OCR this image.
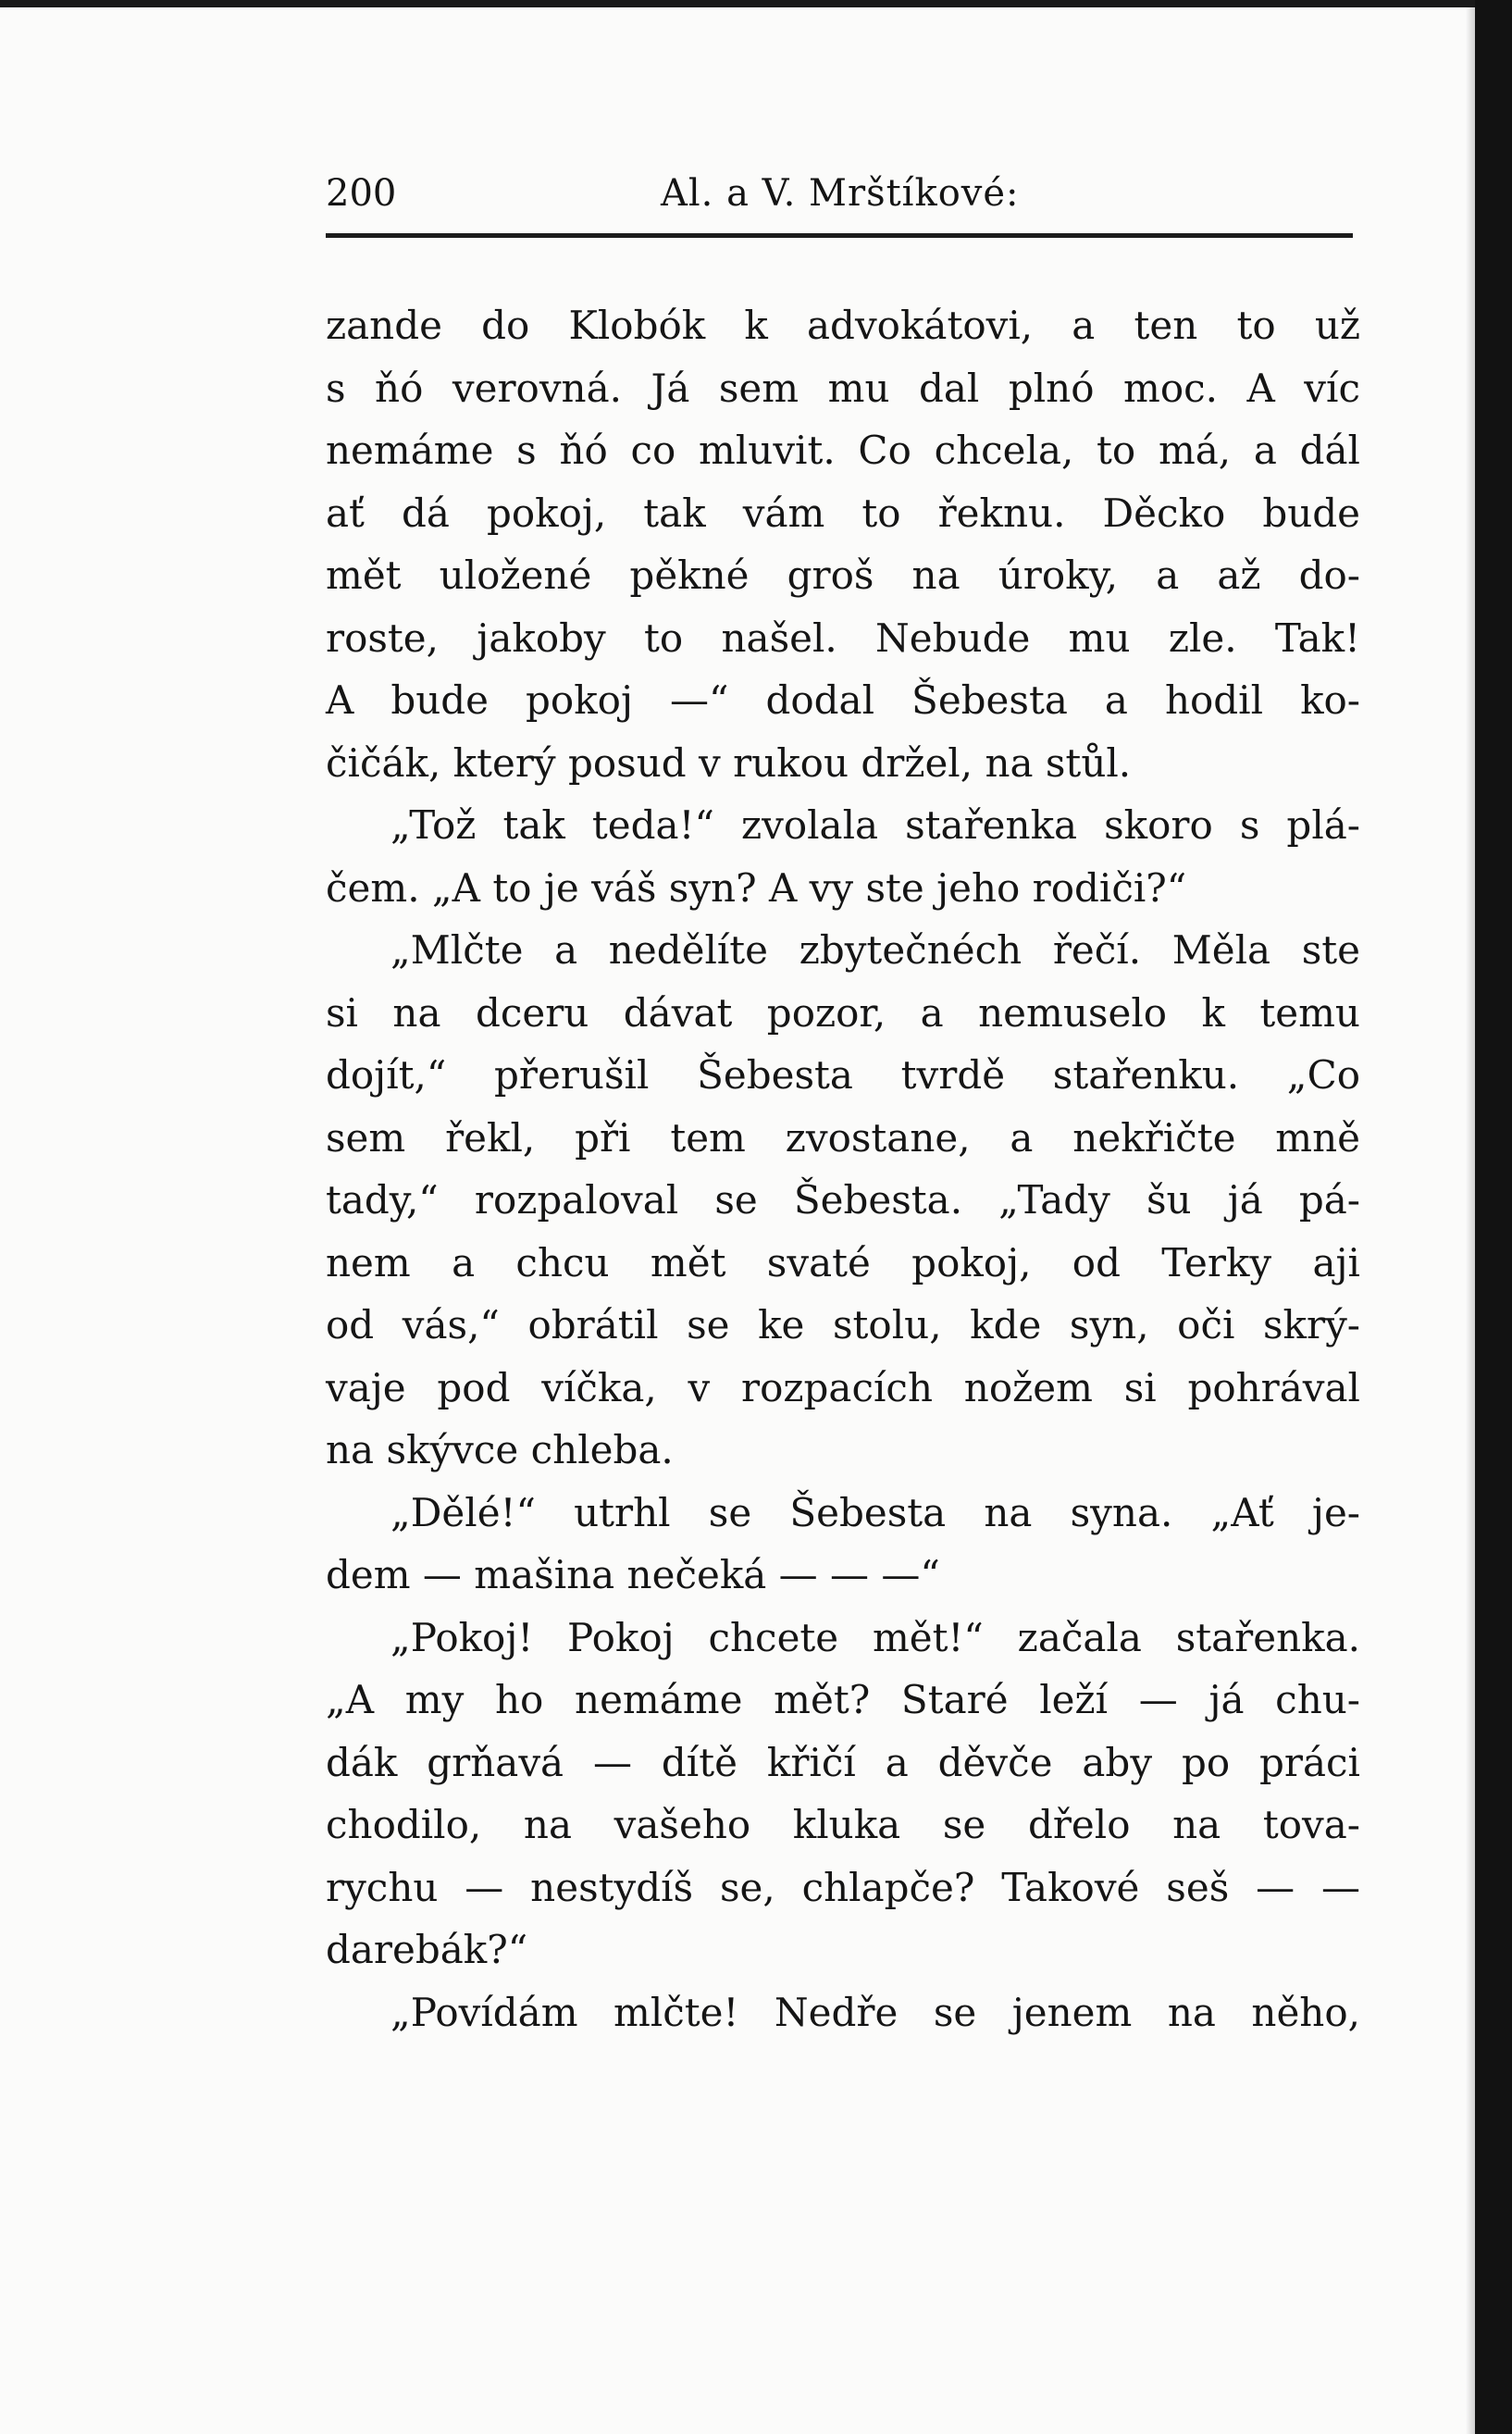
200	Al. a V. Mrštíkové:
zande do Klobók k advokátovi, a ten to už
s ňó verovná. Já sem mu dal plnó moc. A víc
nemáme s ňó co mluvit. Co chcela, to má, a dál
ať dá pokoj, tak vám to řeknu. Děcko bude
mět uložené pěkné groš na úroky, a až do-
roste, jakoby to našel. Nebude mu zle. Tak!
A bude pokoj —“ dodal Šebesta a hodil ko-
čičák, který posud v rukou držel, na stůl.
„Tož tak teda!“ zvolala stařenka skoro s plá-
čem. „A to je váš syn? A vy ste jeho rodiči?“
„Mlčte a nedělíte zbytečnéch řečí. Měla ste
si na dceru dávat pozor, a nemuselo k temu
dojít,“ přerušil Šebesta tvrdě stařenku. „Co
sem řekl, při tem zvostane, a nekřičte mně
tady,“ rozpaloval se Šebesta. „Tady šu já pá-
nem a chcu mět svaté pokoj, od Terky aji
od vás,“ obrátil se ke stolu, kde syn, oči skrý-
vaje pod víčka, v rozpacích nožem si pohrával
na skývce chleba.
„Dělé!“ utrhl se Šebesta na syna. „Ať je-
dem — mašina nečeká — — —“
„Pokoj! Pokoj chcete mět!“ začala stařenka.
„A my ho nemáme mět? Staré leží — já chu-
dák grňavá — dítě křičí a děvče aby po práci
chodilo, na vašeho kluka se dřelo na tova-
rychu — nestydíš se, chlapče? Takové seš — —
darebák?“
„Povídám mlčte! Nedře se jenem na něho,
